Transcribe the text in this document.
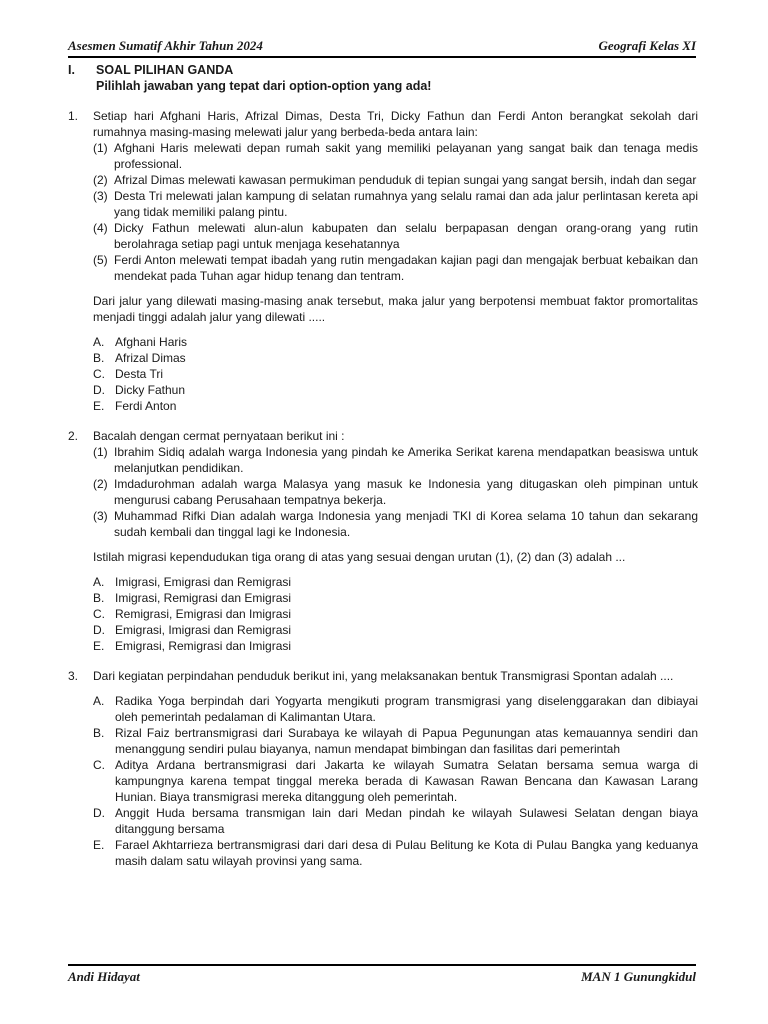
Asesmen Sumatif Akhir Tahun 2024	Geografi Kelas XI
I.	SOAL PILIHAN GANDA
Pilihlah jawaban yang tepat dari option-option yang ada!
1.	Setiap hari Afghani Haris, Afrizal Dimas, Desta Tri, Dicky Fathun dan Ferdi Anton berangkat sekolah dari rumahnya masing-masing melewati jalur yang berbeda-beda antara lain:
(1) Afghani Haris melewati depan rumah sakit yang memiliki pelayanan yang sangat baik dan tenaga medis professional.
(2) Afrizal Dimas melewati kawasan permukiman penduduk di tepian sungai yang sangat bersih, indah dan segar
(3) Desta Tri melewati jalan kampung di selatan rumahnya yang selalu ramai dan ada jalur perlintasan kereta api yang tidak memiliki palang pintu.
(4) Dicky Fathun melewati alun-alun kabupaten dan selalu berpapasan dengan orang-orang yang rutin berolahraga setiap pagi untuk menjaga kesehatannya
(5) Ferdi Anton melewati tempat ibadah yang rutin mengadakan kajian pagi dan mengajak berbuat kebaikan dan mendekat pada Tuhan agar hidup tenang dan tentram.
Dari jalur yang dilewati masing-masing anak tersebut, maka jalur yang berpotensi membuat faktor promortalitas menjadi tinggi adalah jalur yang dilewati .....
A. Afghani Haris
B. Afrizal Dimas
C. Desta Tri
D. Dicky Fathun
E. Ferdi Anton
2.	Bacalah dengan cermat pernyataan berikut ini :
(1) Ibrahim Sidiq adalah warga Indonesia yang pindah ke Amerika Serikat karena mendapatkan beasiswa untuk melanjutkan pendidikan.
(2) Imdadurohman adalah warga Malasya yang masuk ke Indonesia yang ditugaskan oleh pimpinan untuk mengurusi cabang Perusahaan tempatnya bekerja.
(3) Muhammad Rifki Dian adalah warga Indonesia yang menjadi TKI di Korea selama 10 tahun dan sekarang sudah kembali dan tinggal lagi ke Indonesia.
Istilah migrasi kependudukan tiga orang di atas yang sesuai dengan urutan (1), (2) dan (3) adalah ...
A. Imigrasi, Emigrasi dan Remigrasi
B. Imigrasi, Remigrasi dan Emigrasi
C. Remigrasi, Emigrasi dan Imigrasi
D. Emigrasi, Imigrasi dan Remigrasi
E. Emigrasi, Remigrasi dan Imigrasi
3.	Dari kegiatan perpindahan penduduk berikut ini, yang melaksanakan bentuk Transmigrasi Spontan adalah ....
A. Radika Yoga berpindah dari Yogyarta mengikuti program transmigrasi yang diselenggarakan dan dibiayai oleh pemerintah pedalaman di Kalimantan Utara.
B. Rizal Faiz bertransmigrasi dari Surabaya ke wilayah di Papua Pegunungan atas kemauannya sendiri dan menanggung sendiri pulau biayanya, namun mendapat bimbingan dan fasilitas dari pemerintah
C. Aditya Ardana bertransmigrasi dari Jakarta ke wilayah Sumatra Selatan bersama semua warga di kampungnya karena tempat tinggal mereka berada di Kawasan Rawan Bencana dan Kawasan Larang Hunian. Biaya transmigrasi mereka ditanggung oleh pemerintah.
D. Anggit Huda bersama transmigan lain dari Medan pindah ke wilayah Sulawesi Selatan dengan biaya ditanggung bersama
E. Farael Akhtarrieza bertransmigrasi dari dari desa di Pulau Belitung ke Kota di Pulau Bangka yang keduanya masih dalam satu wilayah provinsi yang sama.
Andi Hidayat	MAN 1 Gunungkidul
